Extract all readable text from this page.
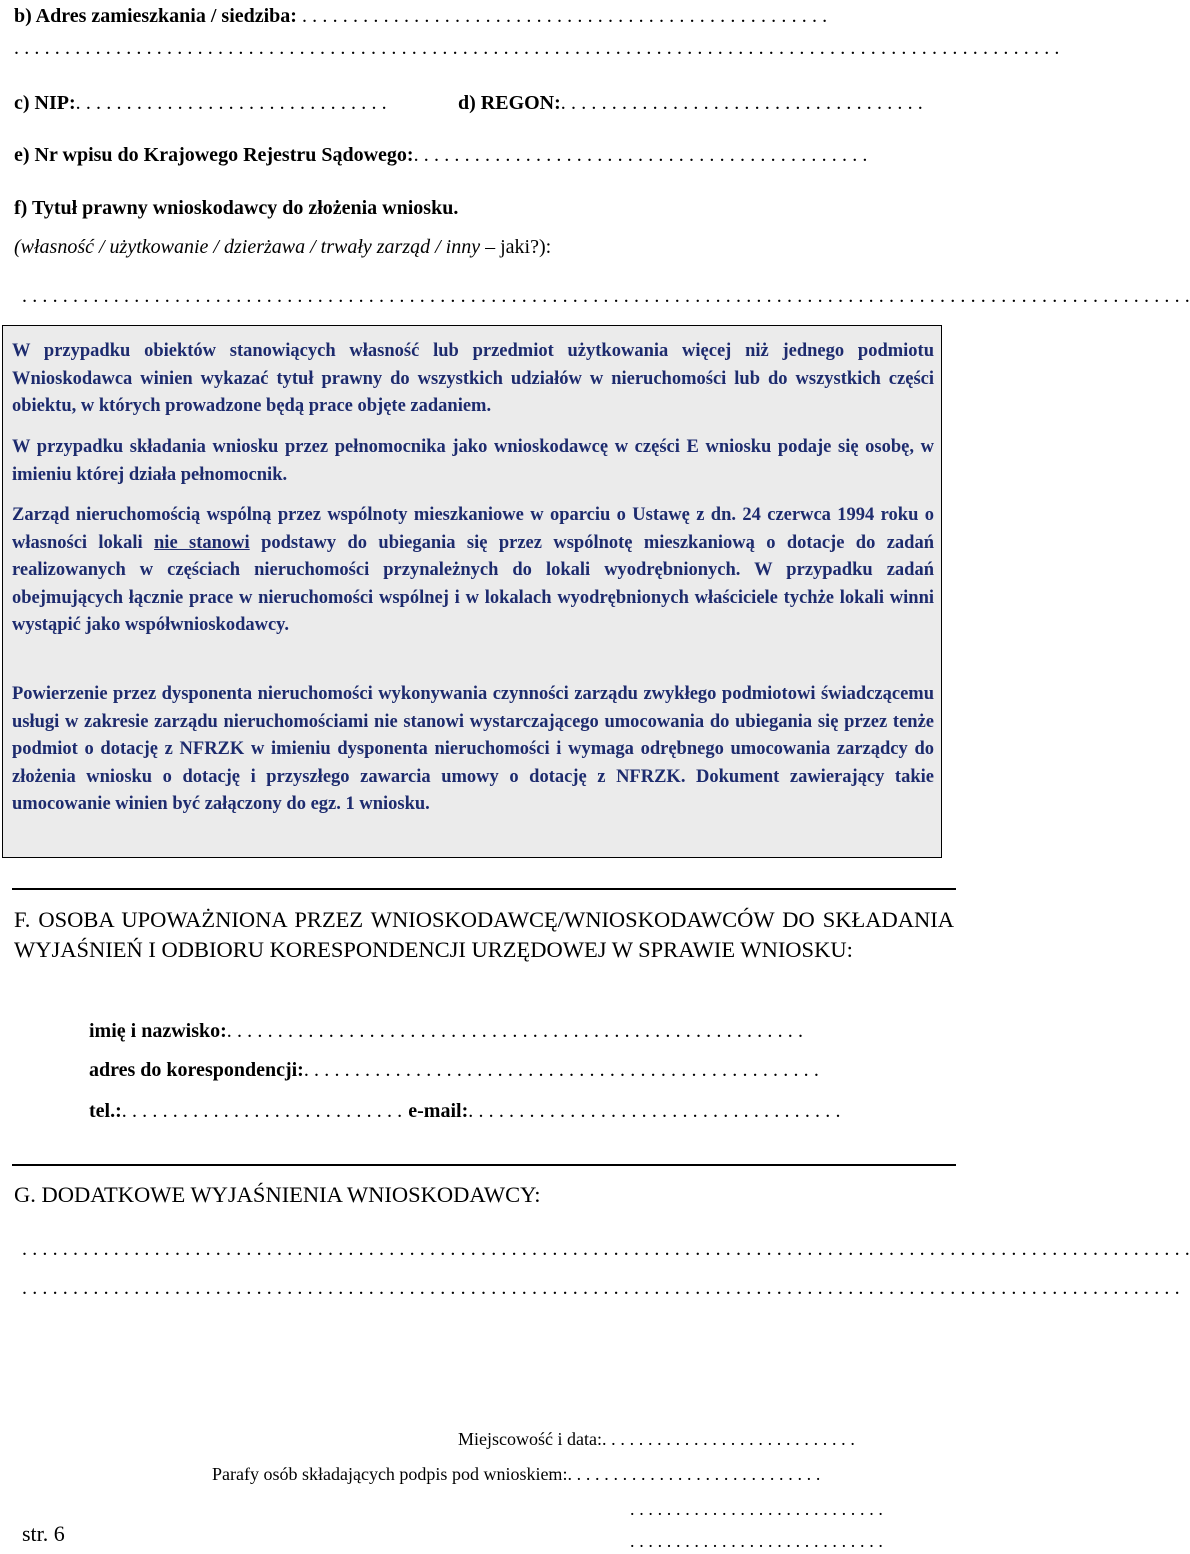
b) Adres zamieszkania / siedziba: . . . . . . . . . . . . . . . . . . . . . . . . . . . . . . . . . . . . . . . . . . . . . . . . . . . .
. . . . . . . . . . . . . . . . . . . . . . . . . . . . . . . . . . . . . . . . . . . . . . . . . . . . . . . . . . . . . . . . . . . . . . . . . . . . . . . . . . . . . . . . . . . . . . . . . . . . . . .
c) NIP:. . . . . . . . . . . . . . . . . . . . . . . . . . . . . . .	d) REGON:. . . . . . . . . . . . . . . . . . . . . . . . . . . . . . . . . . . .
e) Nr wpisu do Krajowego Rejestru Sądowego:. . . . . . . . . . . . . . . . . . . . . . . . . . . . . . . . . . . . . . . . . . . . .
f) Tytuł prawny wnioskodawcy do złożenia wniosku.
(własność / użytkowanie / dzierżawa / trwały zarząd / inny – jaki?):
. . . . . . . . . . . . . . . . . . . . . . . . . . . . . . . . . . . . . . . . . . . . . . . . . . . . . . . . . . . . . . . . . . . . . . . . . . . . . . . . . . . . . . . . . . . . . . . . . . . . . . . . . . . . . . . . . . .
W przypadku obiektów stanowiących własność lub przedmiot użytkowania więcej niż jednego podmiotu Wnioskodawca winien wykazać tytuł prawny do wszystkich udziałów w nieruchomości lub do wszystkich części obiektu, w których prowadzone będą prace objęte zadaniem.
W przypadku składania wniosku przez pełnomocnika jako wnioskodawcę w części E wniosku podaje się osobę, w imieniu której działa pełnomocnik.
Zarząd nieruchomością wspólną przez wspólnoty mieszkaniowe w oparciu o Ustawę z dn. 24 czerwca 1994 roku o własności lokali nie stanowi podstawy do ubiegania się przez wspólnotę mieszkaniową o dotacje do zadań realizowanych w częściach nieruchomości przynależnych do lokali wyodrębnionych. W przypadku zadań obejmujących łącznie prace w nieruchomości wspólnej i w lokalach wyodrębnionych właściciele tychże lokali winni wystąpić jako współwnioskodawcy.
Powierzenie przez dysponenta nieruchomości wykonywania czynności zarządu zwykłego podmiotowi świadczącemu usługi w zakresie zarządu nieruchomościami nie stanowi wystarczającego umocowania do ubiegania się przez tenże podmiot o dotację z NFRZK w imieniu dysponenta nieruchomości i wymaga odrębnego umocowania zarządcy do złożenia wniosku o dotację i przyszłego zawarcia umowy o dotację z NFRZK. Dokument zawierający takie umocowanie winien być załączony do egz. 1 wniosku.
F. OSOBA UPOWAŻNIONA PRZEZ WNIOSKODAWCĘ/WNIOSKODAWCÓW DO SKŁADANIA WYJAŚNIEŃ I ODBIORU KORESPONDENCJI URZĘDOWEJ W SPRAWIE WNIOSKU:
imię i nazwisko:. . . . . . . . . . . . . . . . . . . . . . . . . . . . . . . . . . . . . . . . . . . . . . . . . . . . . . . . .
adres do korespondencji:. . . . . . . . . . . . . . . . . . . . . . . . . . . . . . . . . . . . . . . . . . . . . . . . . . .
tel.:. . . . . . . . . . . . . . . . . . . . . . . . . . . . e-mail:. . . . . . . . . . . . . . . . . . . . . . . . . . . . . . . . . . . . .
G. DODATKOWE WYJAŚNIENIA WNIOSKODAWCY:
. . . . . . . . . . . . . . . . . . . . . . . . . . . . . . . . . . . . . . . . . . . . . . . . . . . . . . . . . . . . . . . . . . . . . . . . . . . . . . . . . . . . . . . . . . . . . . . . . . . . . . . . . . . . . . . . . . .
. . . . . . . . . . . . . . . . . . . . . . . . . . . . . . . . . . . . . . . . . . . . . . . . . . . . . . . . . . . . . . . . . . . . . . . . . . . . . . . . . . . . . . . . . . . . . . . . . . . . . . . . . . . . . . . . . .
Miejscowość i data:. . . . . . . . . . . . . . . . . . . . . . . . . . . .
Parafy osób składających podpis pod wnioskiem:. . . . . . . . . . . . . . . . . . . . . . . . . . . .
. . . . . . . . . . . . . . . . . . . . . . . . . . . .
. . . . . . . . . . . . . . . . . . . . . . . . . . . .
str. 6
